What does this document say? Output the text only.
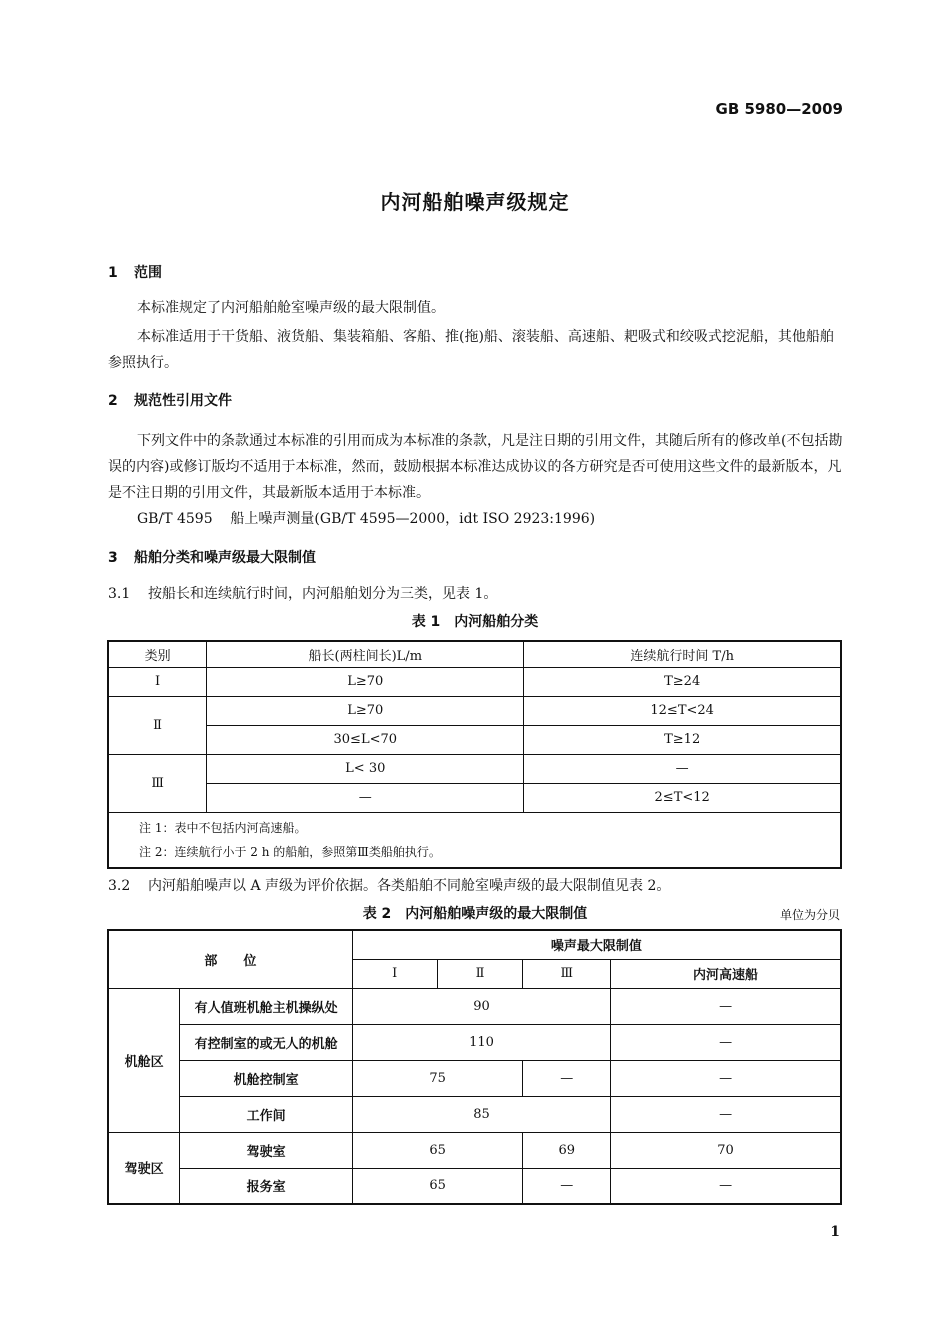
GB 5980—2009
内河船舶噪声级规定
1 范围
本标准规定了内河船舶舱室噪声级的最大限制值。
本标准适用于干货船、液货船、集装箱船、客船、推(拖)船、滚装船、高速船、耙吸式和绞吸式挖泥船，其他船舶参照执行。
2 规范性引用文件
下列文件中的条款通过本标准的引用而成为本标准的条款，凡是注日期的引用文件，其随后所有的修改单(不包括勘误的内容)或修订版均不适用于本标准，然而，鼓励根据本标准达成协议的各方研究是否可使用这些文件的最新版本，凡是不注日期的引用文件，其最新版本适用于本标准。
GB/T 4595 船上噪声测量(GB/T 4595—2000，idt ISO 2923:1996)
3 船舶分类和噪声级最大限制值
3.1 按船长和连续航行时间，内河船舶划分为三类，见表 1。
表 1　内河船舶分类
类别	船长(两柱间长)L/m	连续航行时间 T/h
Ⅰ	L≥70	T≥24
Ⅱ	L≥70	12≤T<24
	30≤L<70	T≥12
Ⅲ	L< 30	—
	—	2≤T<12

注 1：表中不包括内河高速船。
注 2：连续航行小于 2 h 的船舶，参照第Ⅲ类船舶执行。		
3.2 内河船舶噪声以 A 声级为评价依据。各类船舶不同舱室噪声级的最大限制值见表 2。
表 2　内河船舶噪声级的最大限制值	单位为分贝
部　　位		噪声最大限制值			
		Ⅰ	Ⅱ	Ⅲ	内河高速船
机舱区	有人值班机舱主机操纵处	90			—
	有控制室的或无人的机舱	110			—
	机舱控制室	75		—	—
	工作间	85			—
驾驶区	驾驶室	65		69	70
	报务室	65		—	—
1
